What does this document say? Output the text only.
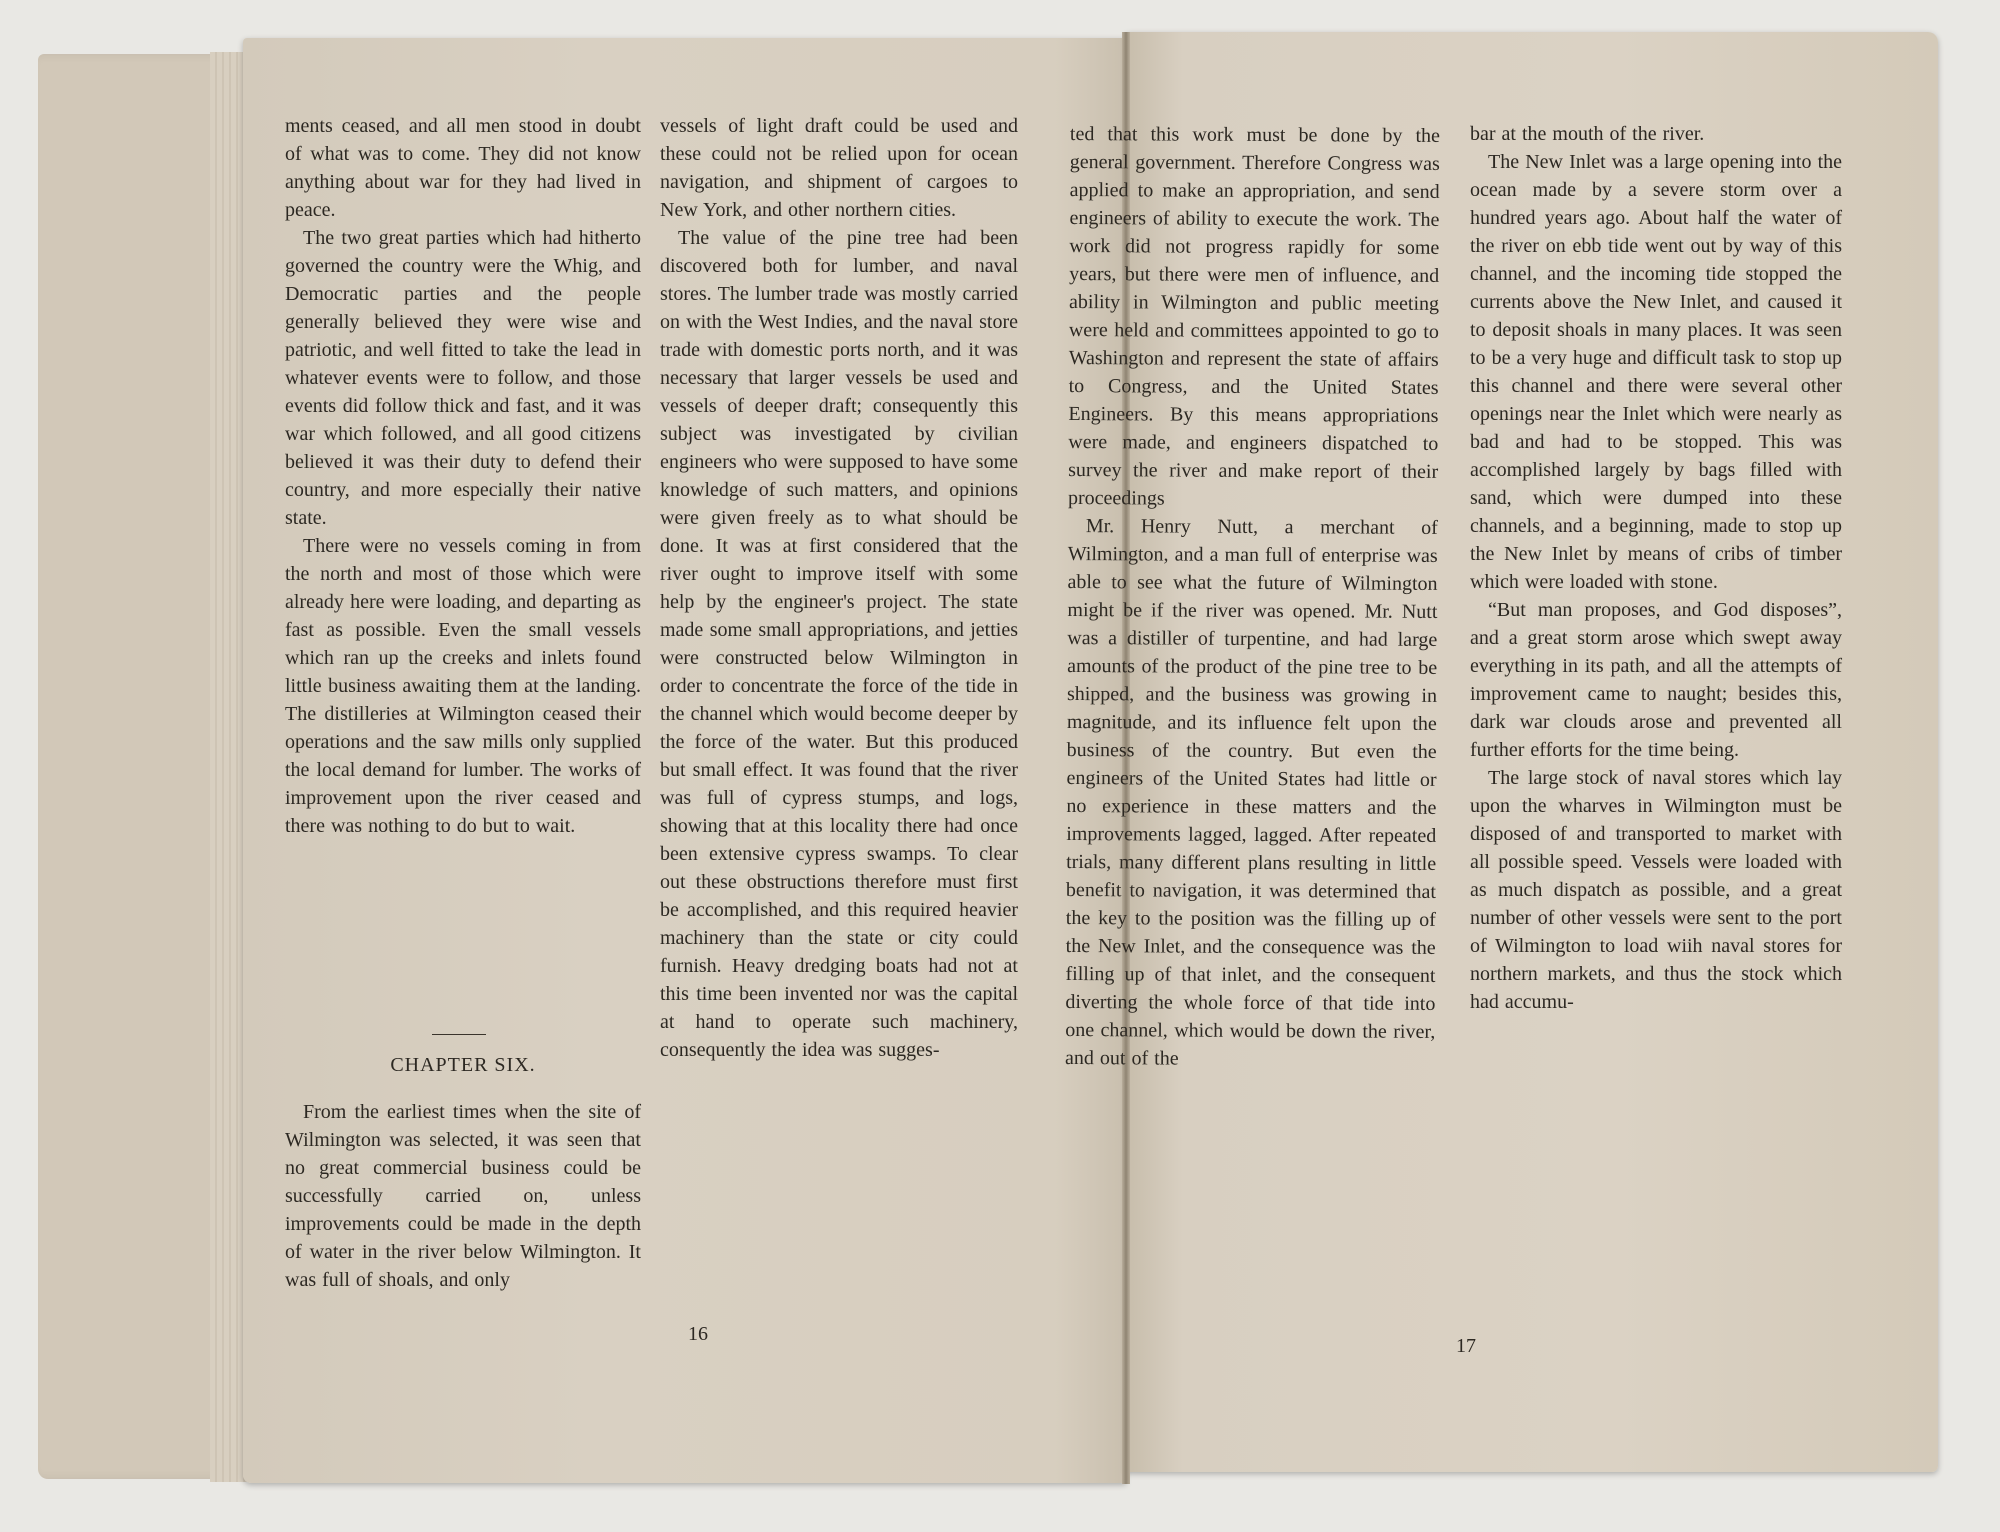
ments ceased, and all men stood in doubt of what was to come. They did not know anything about war for they had lived in peace.

The two great parties which had hitherto governed the country were the Whig, and Democratic parties and the people generally believed they were wise and patriotic, and well fitted to take the lead in whatever events were to follow, and those events did follow thick and fast, and it was war which followed, and all good citizens believed it was their duty to defend their country, and more especially their native state.

There were no vessels coming in from the north and most of those which were already here were loading, and departing as fast as possible. Even the small vessels which ran up the creeks and inlets found little business awaiting them at the landing. The distilleries at Wilmington ceased their operations and the saw mills only supplied the local demand for lumber. The works of improvement upon the river ceased and there was nothing to do but to wait.

CHAPTER SIX.

From the earliest times when the site of Wilmington was selected, it was seen that no great commercial business could be successfully carried on, unless improvements could be made in the depth of water in the river below Wilmington. It was full of shoals, and only

vessels of light draft could be used and these could not be relied upon for ocean navigation, and shipment of cargoes to New York, and other northern cities.

The value of the pine tree had been discovered both for lumber, and naval stores. The lumber trade was mostly carried on with the West Indies, and the naval store trade with domestic ports north, and it was necessary that larger vessels be used and vessels of deeper draft; consequently this subject was investigated by civilian engineers who were supposed to have some knowledge of such matters, and opinions were given freely as to what should be done. It was at first considered that the river ought to improve itself with some help by the engineer's project. The state made some small appropriations, and jetties were constructed below Wilmington in order to concentrate the force of the tide in the channel which would become deeper by the force of the water. But this produced but small effect. It was found that the river was full of cypress stumps, and logs, showing that at this locality there had once been extensive cypress swamps. To clear out these obstructions therefore must first be accomplished, and this required heavier machinery than the state or city could furnish. Heavy dredging boats had not at this time been invented nor was the capital at hand to operate such machinery, consequently the idea was sugges-

16

ted that this work must be done by the general government. Therefore Congress was applied to make an appropriation, and send engineers of ability to execute the work. The work did not progress rapidly for some years, but there were men of influence, and ability in Wilmington and public meeting were held and committees appointed to go to Washington and represent the state of affairs to Congress, and the United States Engineers. By this means appropriations were made, and engineers dispatched to survey the river and make report of their proceedings

Mr. Henry Nutt, a merchant of Wilmington, and a man full of enterprise was able to see what the future of Wilmington might be if the river was opened. Mr. Nutt was a distiller of turpentine, and had large amounts of the product of the pine tree to be shipped, and the business was growing in magnitude, and its influence felt upon the business of the country. But even the engineers of the United States had little or no experience in these matters and the improvements lagged, lagged. After repeated trials, many different plans resulting in little benefit to navigation, it was determined that the key to the position was the filling up of the New Inlet, and the consequence was the filling up of that inlet, and the consequent diverting the whole force of that tide into one channel, which would be down the river, and out of the

bar at the mouth of the river.

The New Inlet was a large opening into the ocean made by a severe storm over a hundred years ago. About half the water of the river on ebb tide went out by way of this channel, and the incoming tide stopped the currents above the New Inlet, and caused it to deposit shoals in many places. It was seen to be a very huge and difficult task to stop up this channel and there were several other openings near the Inlet which were nearly as bad and had to be stopped. This was accomplished largely by bags filled with sand, which were dumped into these channels, and a beginning, made to stop up the New Inlet by means of cribs of timber which were loaded with stone.

“But man proposes, and God disposes”, and a great storm arose which swept away everything in its path, and all the attempts of improvement came to naught; besides this, dark war clouds arose and prevented all further efforts for the time being.

The large stock of naval stores which lay upon the wharves in Wilmington must be disposed of and transported to market with all possible speed. Vessels were loaded with as much dispatch as possible, and a great number of other vessels were sent to the port of Wilmington to load wiih naval stores for northern markets, and thus the stock which had accumu-

17
